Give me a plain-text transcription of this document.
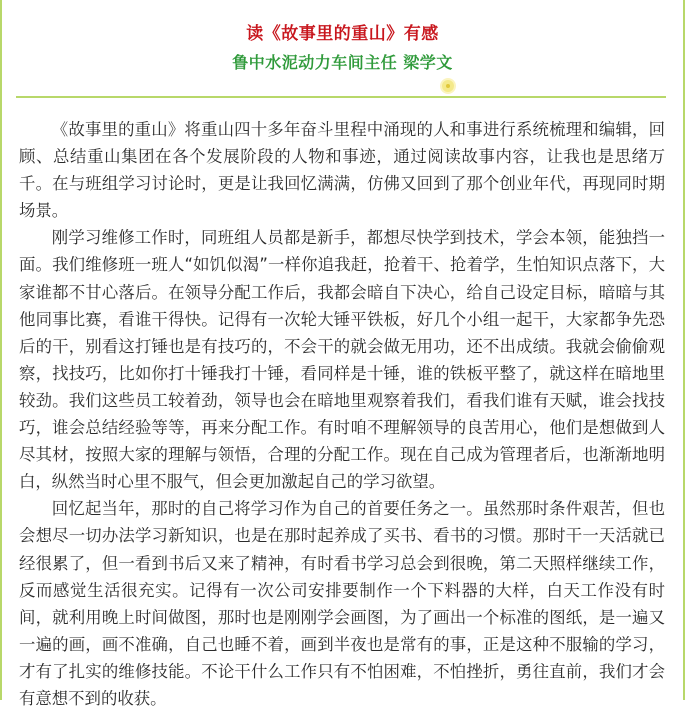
读《故事里的重山》有感
鲁中水泥动力车间主任 梁学文

《故事里的重山》将重山四十多年奋斗里程中涌现的人和事进行系统梳理和编辑，回顾、总结重山集团在各个发展阶段的人物和事迹，通过阅读故事内容，让我也是思绪万千。在与班组学习讨论时，更是让我回忆满满，仿佛又回到了那个创业年代，再现同时期场景。

刚学习维修工作时，同班组人员都是新手，都想尽快学到技术，学会本领，能独挡一面。我们维修班一班人“如饥似渴”一样你追我赶，抢着干、抢着学，生怕知识点落下，大家谁都不甘心落后。在领导分配工作后，我都会暗自下决心，给自己设定目标，暗暗与其他同事比赛，看谁干得快。记得有一次轮大锤平铁板，好几个小组一起干，大家都争先恐后的干，别看这打锤也是有技巧的，不会干的就会做无用功，还不出成绩。我就会偷偷观察，找技巧，比如你打十锤我打十锤，看同样是十锤，谁的铁板平整了，就这样在暗地里较劲。我们这些员工较着劲，领导也会在暗地里观察着我们，看我们谁有天赋，谁会找技巧，谁会总结经验等等，再来分配工作。有时咱不理解领导的良苦用心，他们是想做到人尽其材，按照大家的理解与领悟，合理的分配工作。现在自己成为管理者后，也渐渐地明白，纵然当时心里不服气，但会更加激起自己的学习欲望。

回忆起当年，那时的自己将学习作为自己的首要任务之一。虽然那时条件艰苦，但也会想尽一切办法学习新知识，也是在那时起养成了买书、看书的习惯。那时干一天活就已经很累了，但一看到书后又来了精神，有时看书学习总会到很晚，第二天照样继续工作，反而感觉生活很充实。记得有一次公司安排要制作一个下料器的大样，白天工作没有时间，就利用晚上时间做图，那时也是刚刚学会画图，为了画出一个标准的图纸，是一遍又一遍的画，画不准确，自己也睡不着，画到半夜也是常有的事，正是这种不服输的学习，才有了扎实的维修技能。不论干什么工作只有不怕困难，不怕挫折，勇往直前，我们才会有意想不到的收获。
